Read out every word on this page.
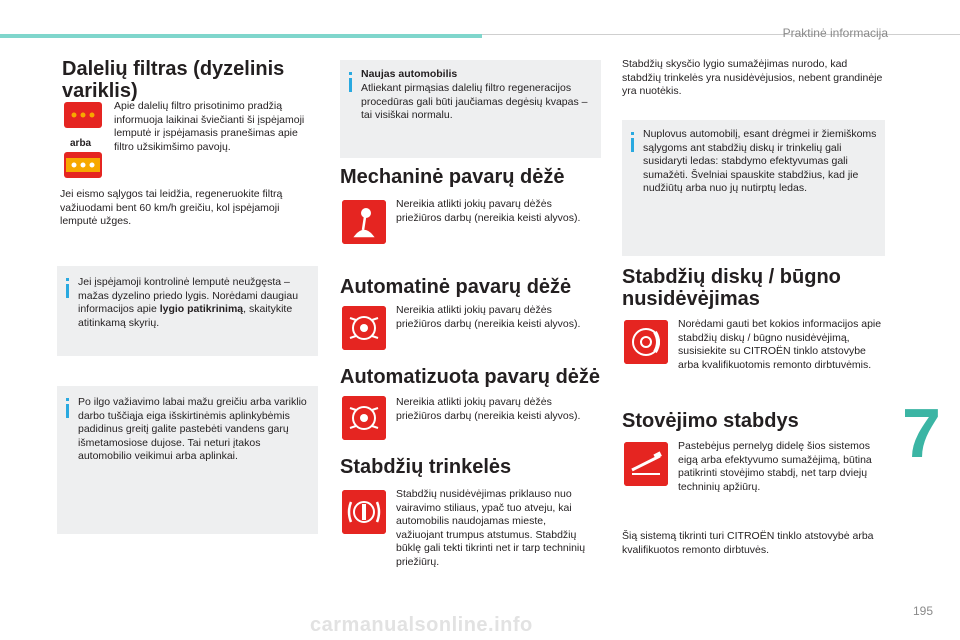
Praktinė informacija
7
195
carmanualsonline.info
Dalelių filtras (dyzelinis variklis)
arba
Apie dalelių filtro prisotinimo pradžią informuoja laikinai šviečianti ši įspėjamoji lemputė ir įspėjamasis pranešimas apie filtro užsikimšimo pavojų.
Jei eismo sąlygos tai leidžia, regeneruokite filtrą važiuodami bent 60 km/h greičiu, kol įspėjamoji lemputė užges.
Jei įspėjamoji kontrolinė lemputė neužgęsta – mažas dyzelino priedo lygis. Norėdami daugiau informacijos apie lygio patikrinimą, skaitykite atitinkamą skyrių.
Po ilgo važiavimo labai mažu greičiu arba variklio darbo tuščiąja eiga išskirtinėmis aplinkybėmis padidinus greitį galite pastebėti vandens garų išmetamosiose dujose. Tai neturi įtakos automobilio veikimui arba aplinkai.
Naujas automobilis
Atliekant pirmąsias dalelių filtro regeneracijos procedūras gali būti jaučiamas degėsių kvapas – tai visiškai normalu.
Mechaninė pavarų dėžė
Nereikia atlikti jokių pavarų dėžės priežiūros darbų (nereikia keisti alyvos).
Automatinė pavarų dėžė
Nereikia atlikti jokių pavarų dėžės priežiūros darbų (nereikia keisti alyvos).
Automatizuota pavarų dėžė
Nereikia atlikti jokių pavarų dėžės priežiūros darbų (nereikia keisti alyvos).
Stabdžių trinkelės
Stabdžių nusidėvėjimas priklauso nuo vairavimo stiliaus, ypač tuo atveju, kai automobilis naudojamas mieste, važiuojant trumpus atstumus. Stabdžių būklę gali tekti tikrinti net ir tarp techninių priežiūrų.
Stabdžių skysčio lygio sumažėjimas nurodo, kad stabdžių trinkelės yra nusidėvėjusios, nebent grandinėje yra nuotėkis.
Nuplovus automobilį, esant drėgmei ir žiemiškoms sąlygoms ant stabdžių diskų ir trinkelių gali susidaryti ledas: stabdymo efektyvumas gali sumažėti. Švelniai spauskite stabdžius, kad jie nudžiūtų arba nuo jų nutirptų ledas.
Stabdžių diskų / būgno nusidėvėjimas
Norėdami gauti bet kokios informacijos apie stabdžių diskų / būgno nusidėvėjimą, susisiekite su CITROËN tinklo atstovybe arba kvalifikuotomis remonto dirbtuvėmis.
Stovėjimo stabdys
Pastebėjus pernelyg didelę šios sistemos eigą arba efektyvumo sumažėjimą, būtina patikrinti stovėjimo stabdį, net tarp dviejų techninių apžiūrų.
Šią sistemą tikrinti turi CITROËN tinklo atstovybė arba kvalifikuotos remonto dirbtuvės.
